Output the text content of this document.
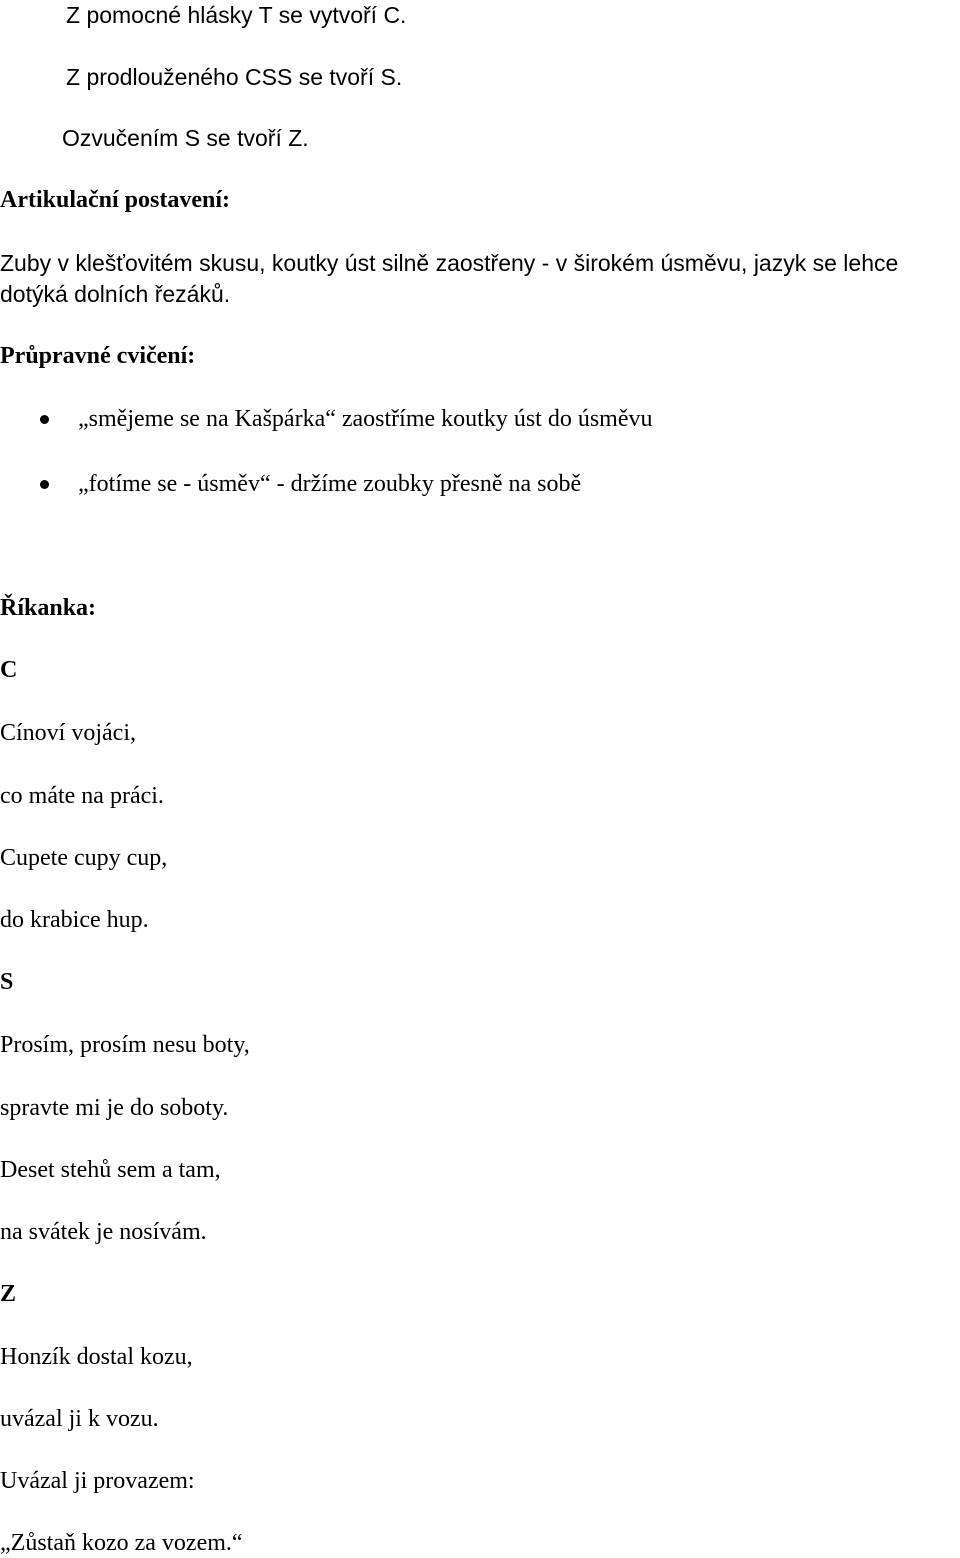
Z pomocné hlásky T se vytvoří C.
Z prodlouženého CSS se tvoří S.
Ozvučením S se tvoří Z.
Artikulační postavení:
Zuby v klešťovitém skusu, koutky úst silně zaostřeny - v širokém úsměvu, jazyk se lehce
dotýká dolních řezáků.
Průpravné cvičení:
„smějeme se na Kašpárka“ zaostříme koutky úst do úsměvu
„fotíme se - úsměv“ - držíme zoubky přesně na sobě
Říkanka:
C
Cínoví vojáci,
co máte na práci.
Cupete cupy cup,
do krabice hup.
S
Prosím, prosím nesu boty,
spravte mi je do soboty.
Deset stehů sem a tam,
na svátek je nosívám.
Z
Honzík dostal kozu,
uvázal ji k vozu.
Uvázal ji provazem:
„Zůstaň kozo za vozem.“
